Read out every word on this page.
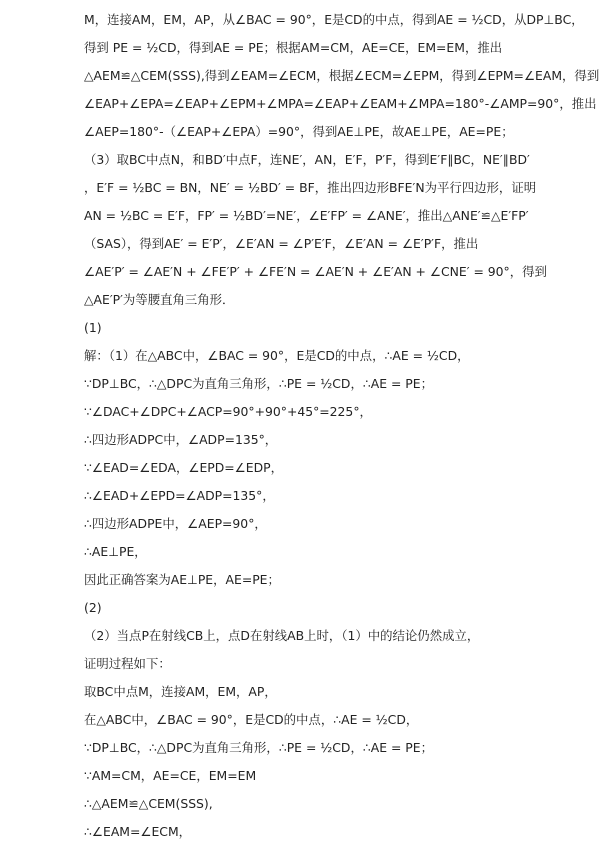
M，连接AM，EM，AP，从∠BAC = 90°，E是CD的中点，得到AE = ½CD，从DP⊥BC，
得到 PE = ½CD，得到AE = PE；根据AM=CM，AE=CE，EM=EM，推出
△AEM≌△CEM(SSS),得到∠EAM=∠ECM，根据∠ECM=∠EPM，得到∠EPM=∠EAM，得到
∠EAP+∠EPA=∠EAP+∠EPM+∠MPA=∠EAP+∠EAM+∠MPA=180°-∠AMP=90°，推出
∠AEP=180°-（∠EAP+∠EPA）=90°，得到AE⊥PE，故AE⊥PE，AE=PE；
（3）取BC中点N，和BD′中点F，连NE′，AN，E′F，P′F，得到E′F∥BC，NE′∥BD′
，E′F = ½BC = BN，NE′ = ½BD′ = BF，推出四边形BFE′N为平行四边形，证明
AN = ½BC = E′F，FP′ = ½BD′=NE′，∠E′FP′ = ∠ANE′，推出△ANE′≌△E′FP′
（SAS），得到AE′ = E′P′，∠E′AN = ∠P′E′F，∠E′AN = ∠E′P′F，推出
∠AE′P′ = ∠AE′N + ∠FE′P′ + ∠FE′N = ∠AE′N + ∠E′AN + ∠CNE′ = 90°，得到
△AE′P′为等腰直角三角形．
(1)
解：（1）在△ABC中，∠BAC = 90°，E是CD的中点，∴AE = ½CD，
∵DP⊥BC，∴△DPC为直角三角形，∴PE = ½CD，∴AE = PE；
∵∠DAC+∠DPC+∠ACP=90°+90°+45°=225°，
∴四边形ADPC中，∠ADP=135°，
∵∠EAD=∠EDA，∠EPD=∠EDP，
∴∠EAD+∠EPD=∠ADP=135°，
∴四边形ADPE中，∠AEP=90°，
∴AE⊥PE，
因此正确答案为AE⊥PE，AE=PE；
(2)
（2）当点P在射线CB上，点D在射线AB上时，（1）中的结论仍然成立，
证明过程如下：
取BC中点M，连接AM，EM，AP，
在△ABC中，∠BAC = 90°，E是CD的中点，∴AE = ½CD，
∵DP⊥BC，∴△DPC为直角三角形，∴PE = ½CD，∴AE = PE；
∵AM=CM，AE=CE，EM=EM
∴△AEM≌△CEM(SSS),
∴∠EAM=∠ECM，
